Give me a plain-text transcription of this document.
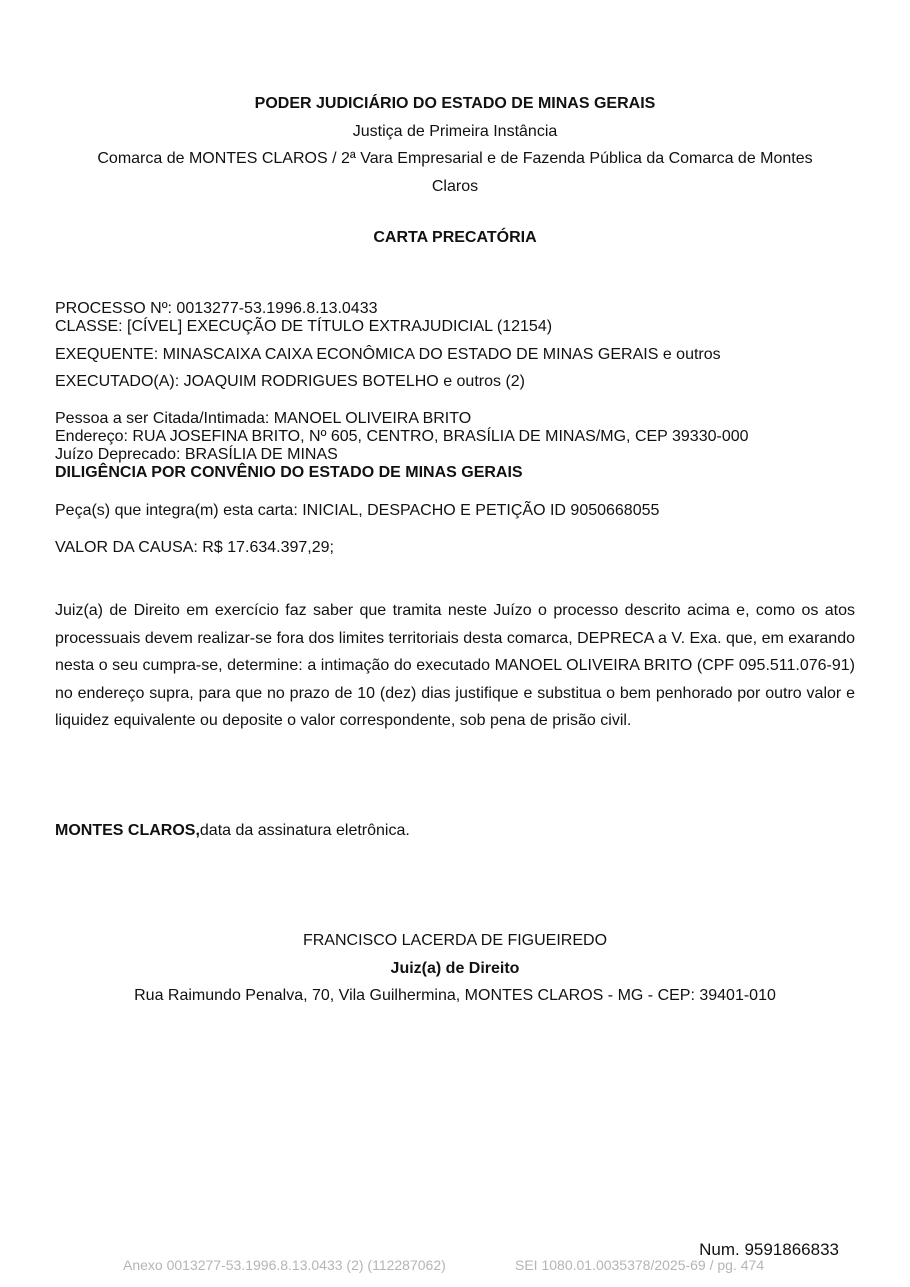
PODER JUDICIÁRIO DO ESTADO DE MINAS GERAIS
Justiça de Primeira Instância
Comarca de MONTES CLAROS / 2ª Vara Empresarial e de Fazenda Pública da Comarca de Montes
Claros
CARTA PRECATÓRIA
PROCESSO Nº: 0013277-53.1996.8.13.0433
CLASSE: [CÍVEL] EXECUÇÃO DE TÍTULO EXTRAJUDICIAL (12154)
EXEQUENTE: MINASCAIXA CAIXA ECONÔMICA DO ESTADO DE MINAS GERAIS e outros
EXECUTADO(A): JOAQUIM RODRIGUES BOTELHO e outros (2)
Pessoa a ser Citada/Intimada: MANOEL OLIVEIRA BRITO
Endereço: RUA JOSEFINA BRITO, Nº 605, CENTRO, BRASÍLIA DE MINAS/MG, CEP 39330-000
Juízo Deprecado: BRASÍLIA DE MINAS
DILIGÊNCIA POR CONVÊNIO DO ESTADO DE MINAS GERAIS
Peça(s) que integra(m) esta carta: INICIAL, DESPACHO E PETIÇÃO ID 9050668055
VALOR DA CAUSA: R$ 17.634.397,29;
Juiz(a) de Direito em exercício faz saber que tramita neste Juízo o processo descrito acima e, como os atos processuais devem realizar-se fora dos limites territoriais desta comarca, DEPRECA a V. Exa. que, em exarando nesta o seu cumpra-se, determine: a intimação do executado MANOEL OLIVEIRA BRITO (CPF 095.511.076-91) no endereço supra, para que no prazo de 10 (dez) dias justifique e substitua o bem penhorado por outro valor e liquidez equivalente ou deposite o valor correspondente, sob pena de prisão civil.
MONTES CLAROS,data da assinatura eletrônica.
FRANCISCO LACERDA DE FIGUEIREDO
Juiz(a) de Direito
Rua Raimundo Penalva, 70, Vila Guilhermina, MONTES CLAROS - MG - CEP: 39401-010
Num. 9591866833
Anexo 0013277-53.1996.8.13.0433 (2) (112287062)	SEI 1080.01.0035378/2025-69 / pg. 474
